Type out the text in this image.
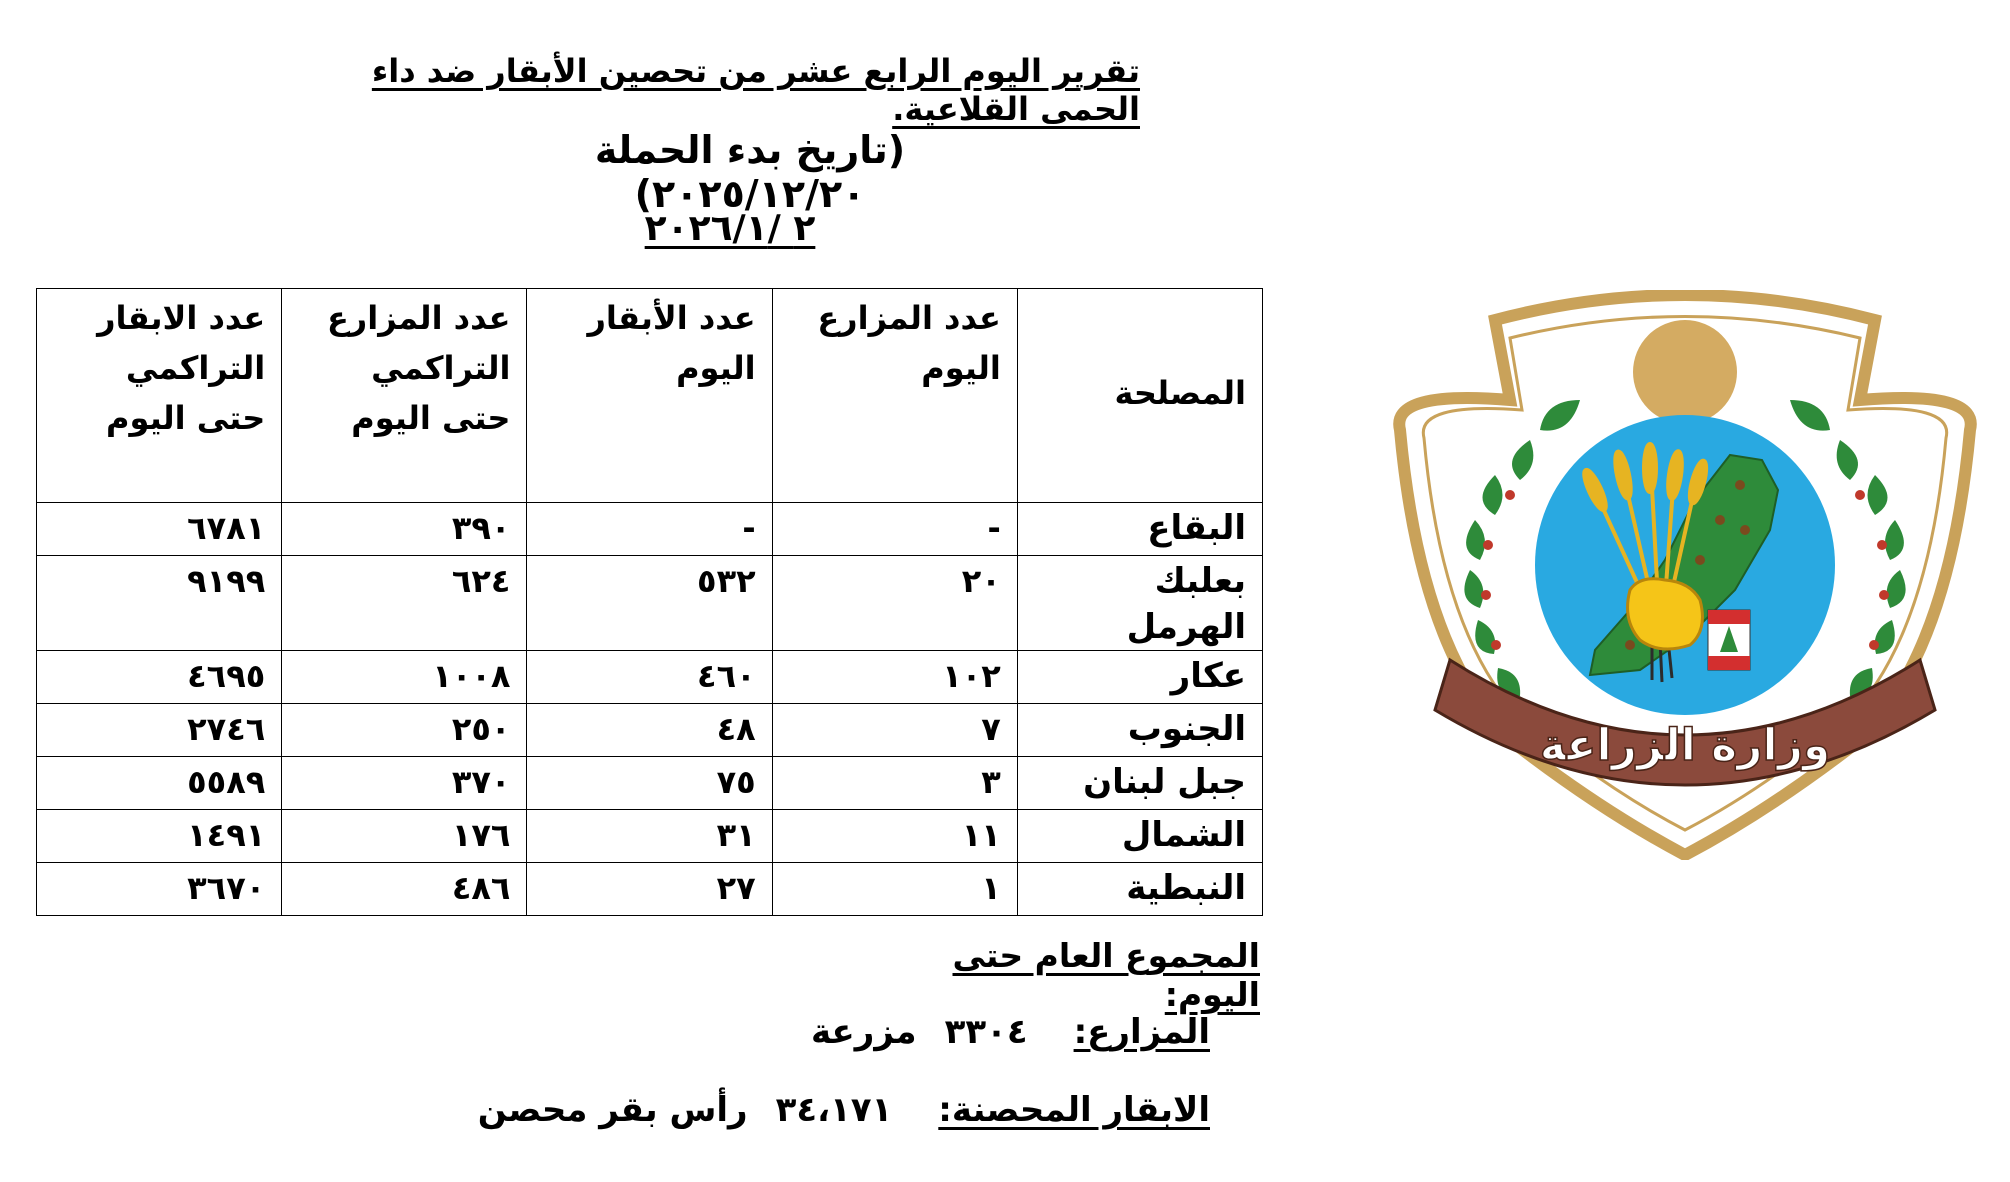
تقرير اليوم الرابع عشر من تحصين الأبقار ضد داء الحمى القلاعية.
(تاريخ بدء الحملة ٢٠٢٥/١٢/٢٠)
٢ /٢٠٢٦/١
المصلحة	عدد المزارع اليوم	عدد الأبقار اليوم	عدد المزارع التراكمي حتى اليوم	عدد الابقار التراكمي حتى اليوم
البقاع	-	-	٣٩٠	٦٧٨١
بعلبك الهرمل	٢٠	٥٣٢	٦٢٤	٩١٩٩
عكار	١٠٢	٤٦٠	١٠٠٨	٤٦٩٥
الجنوب	٧	٤٨	٢٥٠	٢٧٤٦
جبل لبنان	٣	٧٥	٣٧٠	٥٥٨٩
الشمال	١١	٣١	١٧٦	١٤٩١
النبطية	١	٢٧	٤٨٦	٣٦٧٠
المجموع العام حتى اليوم:
المزارع:٣٣٠٤مزرعة
الابقار المحصنة:٣٤،١٧١رأس بقر محصن
وزارة الزراعة
